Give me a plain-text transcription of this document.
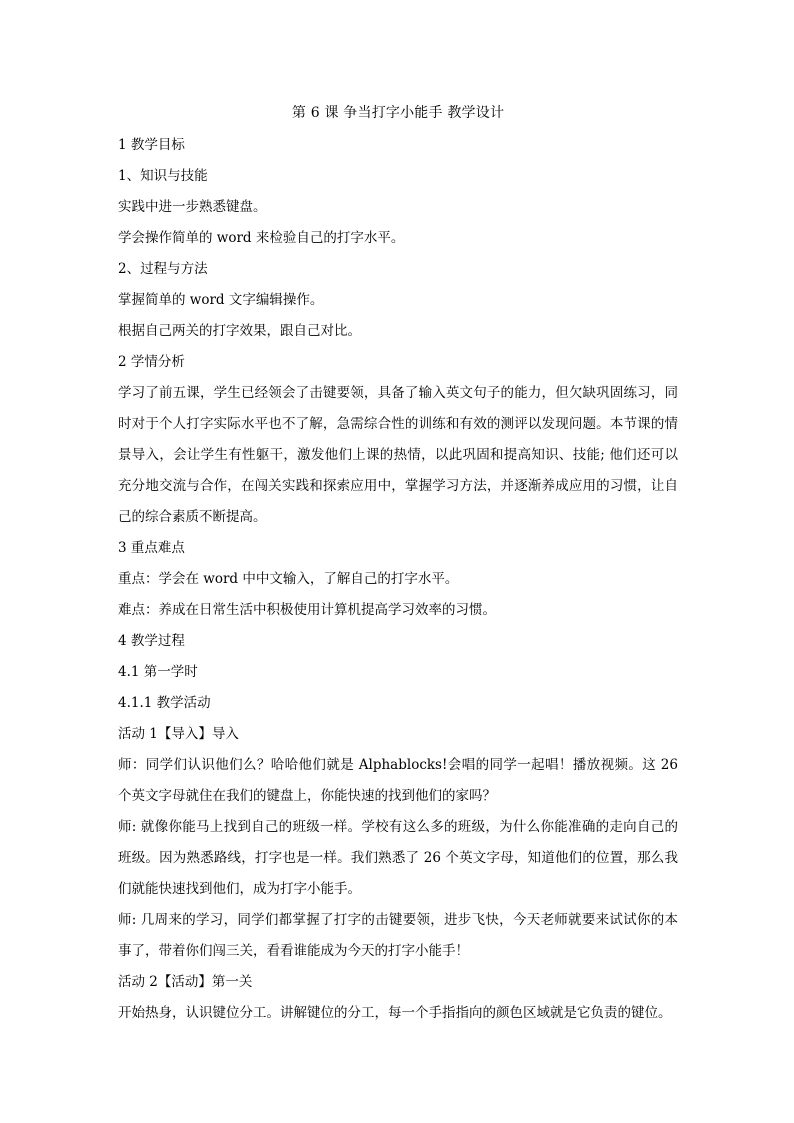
第 6 课 争当打字小能手 教学设计

1 教学目标

1、知识与技能

实践中进一步熟悉键盘。

学会操作简单的 word 来检验自己的打字水平。

2、过程与方法

掌握简单的 word 文字编辑操作。

根据自己两关的打字效果，跟自己对比。

2 学情分析

学习了前五课，学生已经领会了击键要领，具备了输入英文句子的能力，但欠缺巩固练习，同时对于个人打字实际水平也不了解，急需综合性的训练和有效的测评以发现问题。本节课的情景导入，会让学生有性躯干，激发他们上课的热情，以此巩固和提高知识、技能; 他们还可以充分地交流与合作，在闯关实践和探索应用中，掌握学习方法，并逐渐养成应用的习惯，让自己的综合素质不断提高。

3 重点难点

重点：学会在 word 中中文输入，了解自己的打字水平。

难点：养成在日常生活中积极使用计算机提高学习效率的习惯。

4 教学过程

4.1 第一学时

4.1.1 教学活动

活动 1【导入】导入

师：同学们认识他们么？哈哈他们就是 Alphablocks!会唱的同学一起唱！播放视频。这 26 个英文字母就住在我们的键盘上，你能快速的找到他们的家吗？

师: 就像你能马上找到自己的班级一样。学校有这么多的班级，为什么你能准确的走向自己的班级。因为熟悉路线，打字也是一样。我们熟悉了 26 个英文字母，知道他们的位置，那么我们就能快速找到他们，成为打字小能手。

师: 几周来的学习，同学们都掌握了打字的击键要领，进步飞快，今天老师就要来试试你的本事了，带着你们闯三关，看看谁能成为今天的打字小能手！

活动 2【活动】第一关

开始热身，认识键位分工。讲解键位的分工，每一个手指指向的颜色区域就是它负责的键位。
